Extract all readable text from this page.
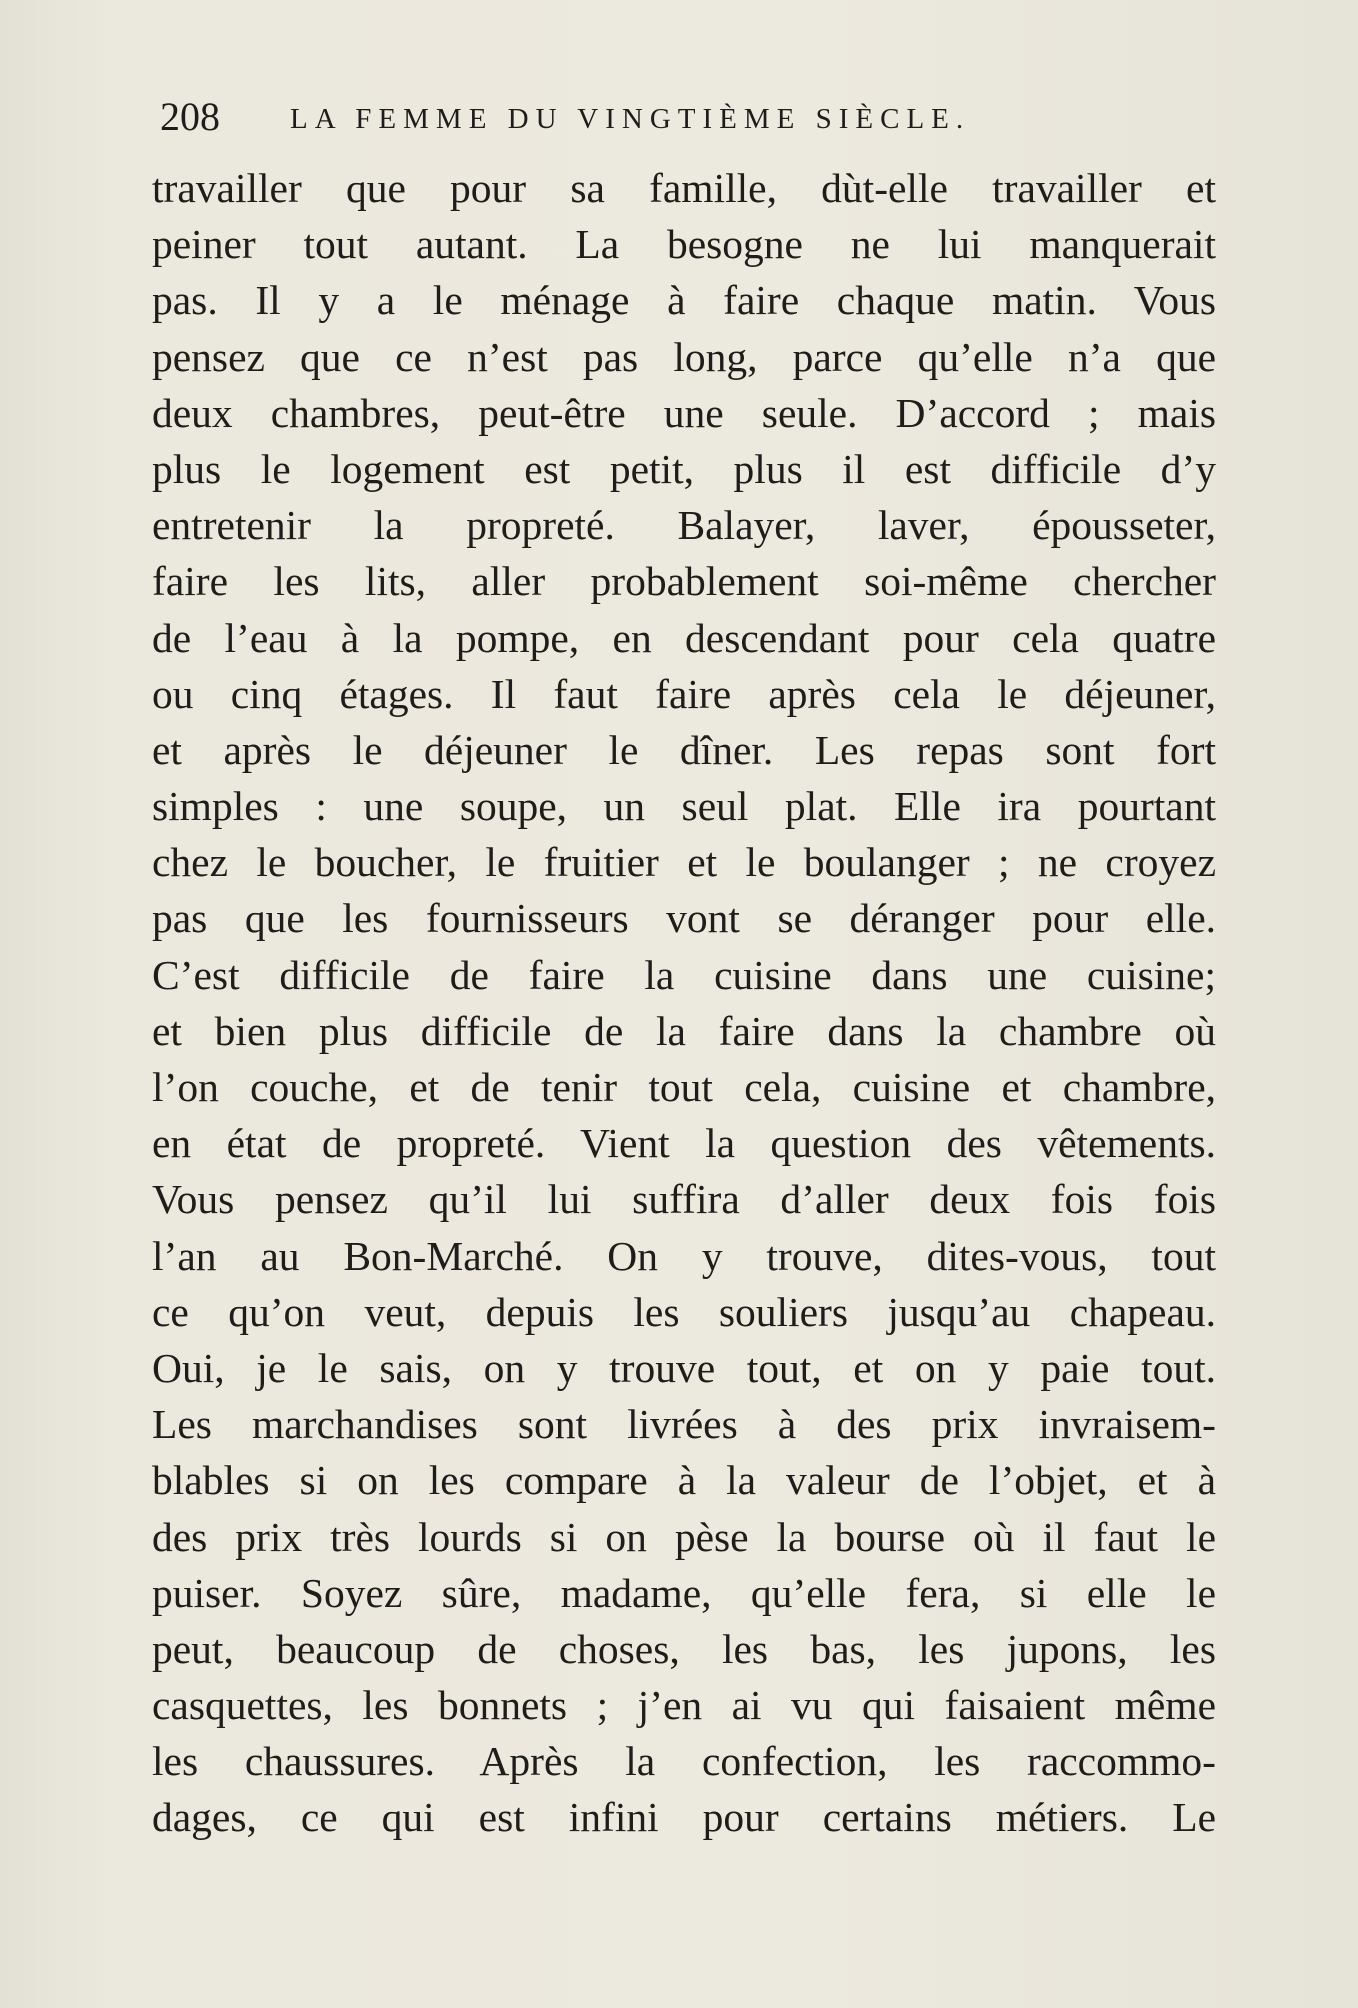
208 LA FEMME DU VINGTIÈME SIÈCLE.
travailler que pour sa famille, dùt-elle travailler et
peiner tout autant. La besogne ne lui manquerait
pas. Il y a le ménage à faire chaque matin. Vous
pensez que ce n’est pas long, parce qu’elle n’a que
deux chambres, peut-être une seule. D’accord ; mais
plus le logement est petit, plus il est difficile d’y
entretenir la propreté. Balayer, laver, épousseter,
faire les lits, aller probablement soi-même chercher
de l’eau à la pompe, en descendant pour cela quatre
ou cinq étages. Il faut faire après cela le déjeuner,
et après le déjeuner le dîner. Les repas sont fort
simples : une soupe, un seul plat. Elle ira pourtant
chez le boucher, le fruitier et le boulanger ; ne croyez
pas que les fournisseurs vont se déranger pour elle.
C’est difficile de faire la cuisine dans une cuisine;
et bien plus difficile de la faire dans la chambre où
l’on couche, et de tenir tout cela, cuisine et chambre,
en état de propreté. Vient la question des vêtements.
Vous pensez qu’il lui suffira d’aller deux fois fois
l’an au Bon-Marché. On y trouve, dites-vous, tout
ce qu’on veut, depuis les souliers jusqu’au chapeau.
Oui, je le sais, on y trouve tout, et on y paie tout.
Les marchandises sont livrées à des prix invraisem-
blables si on les compare à la valeur de l’objet, et à
des prix très lourds si on pèse la bourse où il faut le
puiser. Soyez sûre, madame, qu’elle fera, si elle le
peut, beaucoup de choses, les bas, les jupons, les
casquettes, les bonnets ; j’en ai vu qui faisaient même
les chaussures. Après la confection, les raccommo-
dages, ce qui est infini pour certains métiers. Le
